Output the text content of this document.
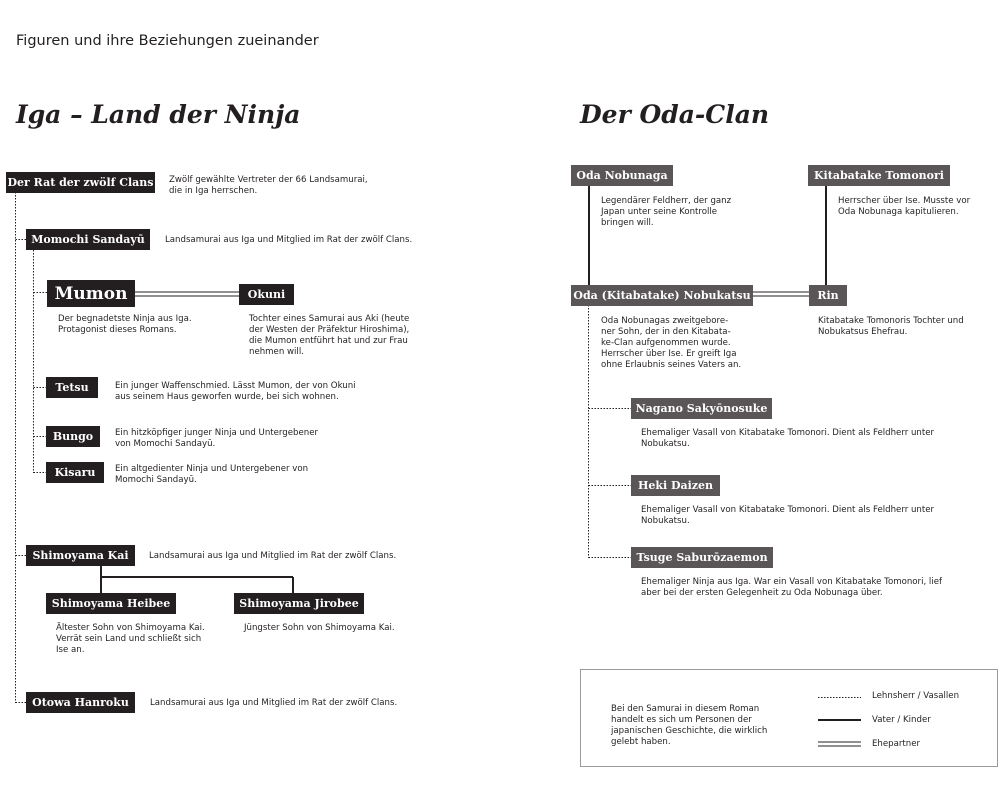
Figuren und ihre Beziehungen zueinander
Iga – Land der Ninja
Der Rat der zwölf Clans Zwölf gewählte Vertreter der 66 Landsamurai,
die in Iga herrschen.
Momochi Sandayū	Landsamurai aus Iga und Mitglied im Rat der zwölf Clans.
Mumon
Der begnadetste Ninja aus Iga.
Protagonist dieses Romans.
Okuni
Tochter eines Samurai aus Aki (heute
der Westen der Präfektur Hiroshima),
die Mumon entführt hat und zur Frau
nehmen will.
Tetsu	Ein junger Waffenschmied. Lässt Mumon, der von Okuni
aus seinem Haus geworfen wurde, bei sich wohnen.
Bungo	Ein hitzköpfiger junger Ninja und Untergebener
von Momochi Sandayū.
Kisaru	Ein altgedienter Ninja und Untergebener von
Momochi Sandayū.
Shimoyama Kai	Landsamurai aus Iga und Mitglied im Rat der zwölf Clans.
Shimoyama Heibee
Ältester Sohn von Shimoyama Kai.
Verrät sein Land und schließt sich
Ise an.
Shimoyama Jirobee
Jüngster Sohn von Shimoyama Kai.
Otowa Hanroku	Landsamurai aus Iga und Mitglied im Rat der zwölf Clans.
Der Oda-Clan
Oda Nobunaga
Legendärer Feldherr, der ganz
Japan unter seine Kontrolle
bringen will.
Kitabatake Tomonori
Herrscher über Ise. Musste vor
Oda Nobunaga kapitulieren.
Oda (Kitabatake) Nobukatsu
Oda Nobunagas zweitgebore-
ner Sohn, der in den Kitabata-
ke-Clan aufgenommen wurde.
Herrscher über Ise. Er greift Iga
ohne Erlaubnis seines Vaters an.
Rin
Kitabatake Tomonoris Tochter und
Nobukatsus Ehefrau.
Nagano Sakyōnosuke
Ehemaliger Vasall von Kitabatake Tomonori. Dient als Feldherr unter
Nobukatsu.
Heki Daizen
Ehemaliger Vasall von Kitabatake Tomonori. Dient als Feldherr unter
Nobukatsu.
Tsuge Saburōzaemon
Ehemaliger Ninja aus Iga. War ein Vasall von Kitabatake Tomonori, lief
aber bei der ersten Gelegenheit zu Oda Nobunaga über.
Bei den Samurai in diesem Roman
handelt es sich um Personen der
japanischen Geschichte, die wirklich
gelebt haben.
Lehnsherr / Vasallen
Vater / Kinder
Ehepartner
